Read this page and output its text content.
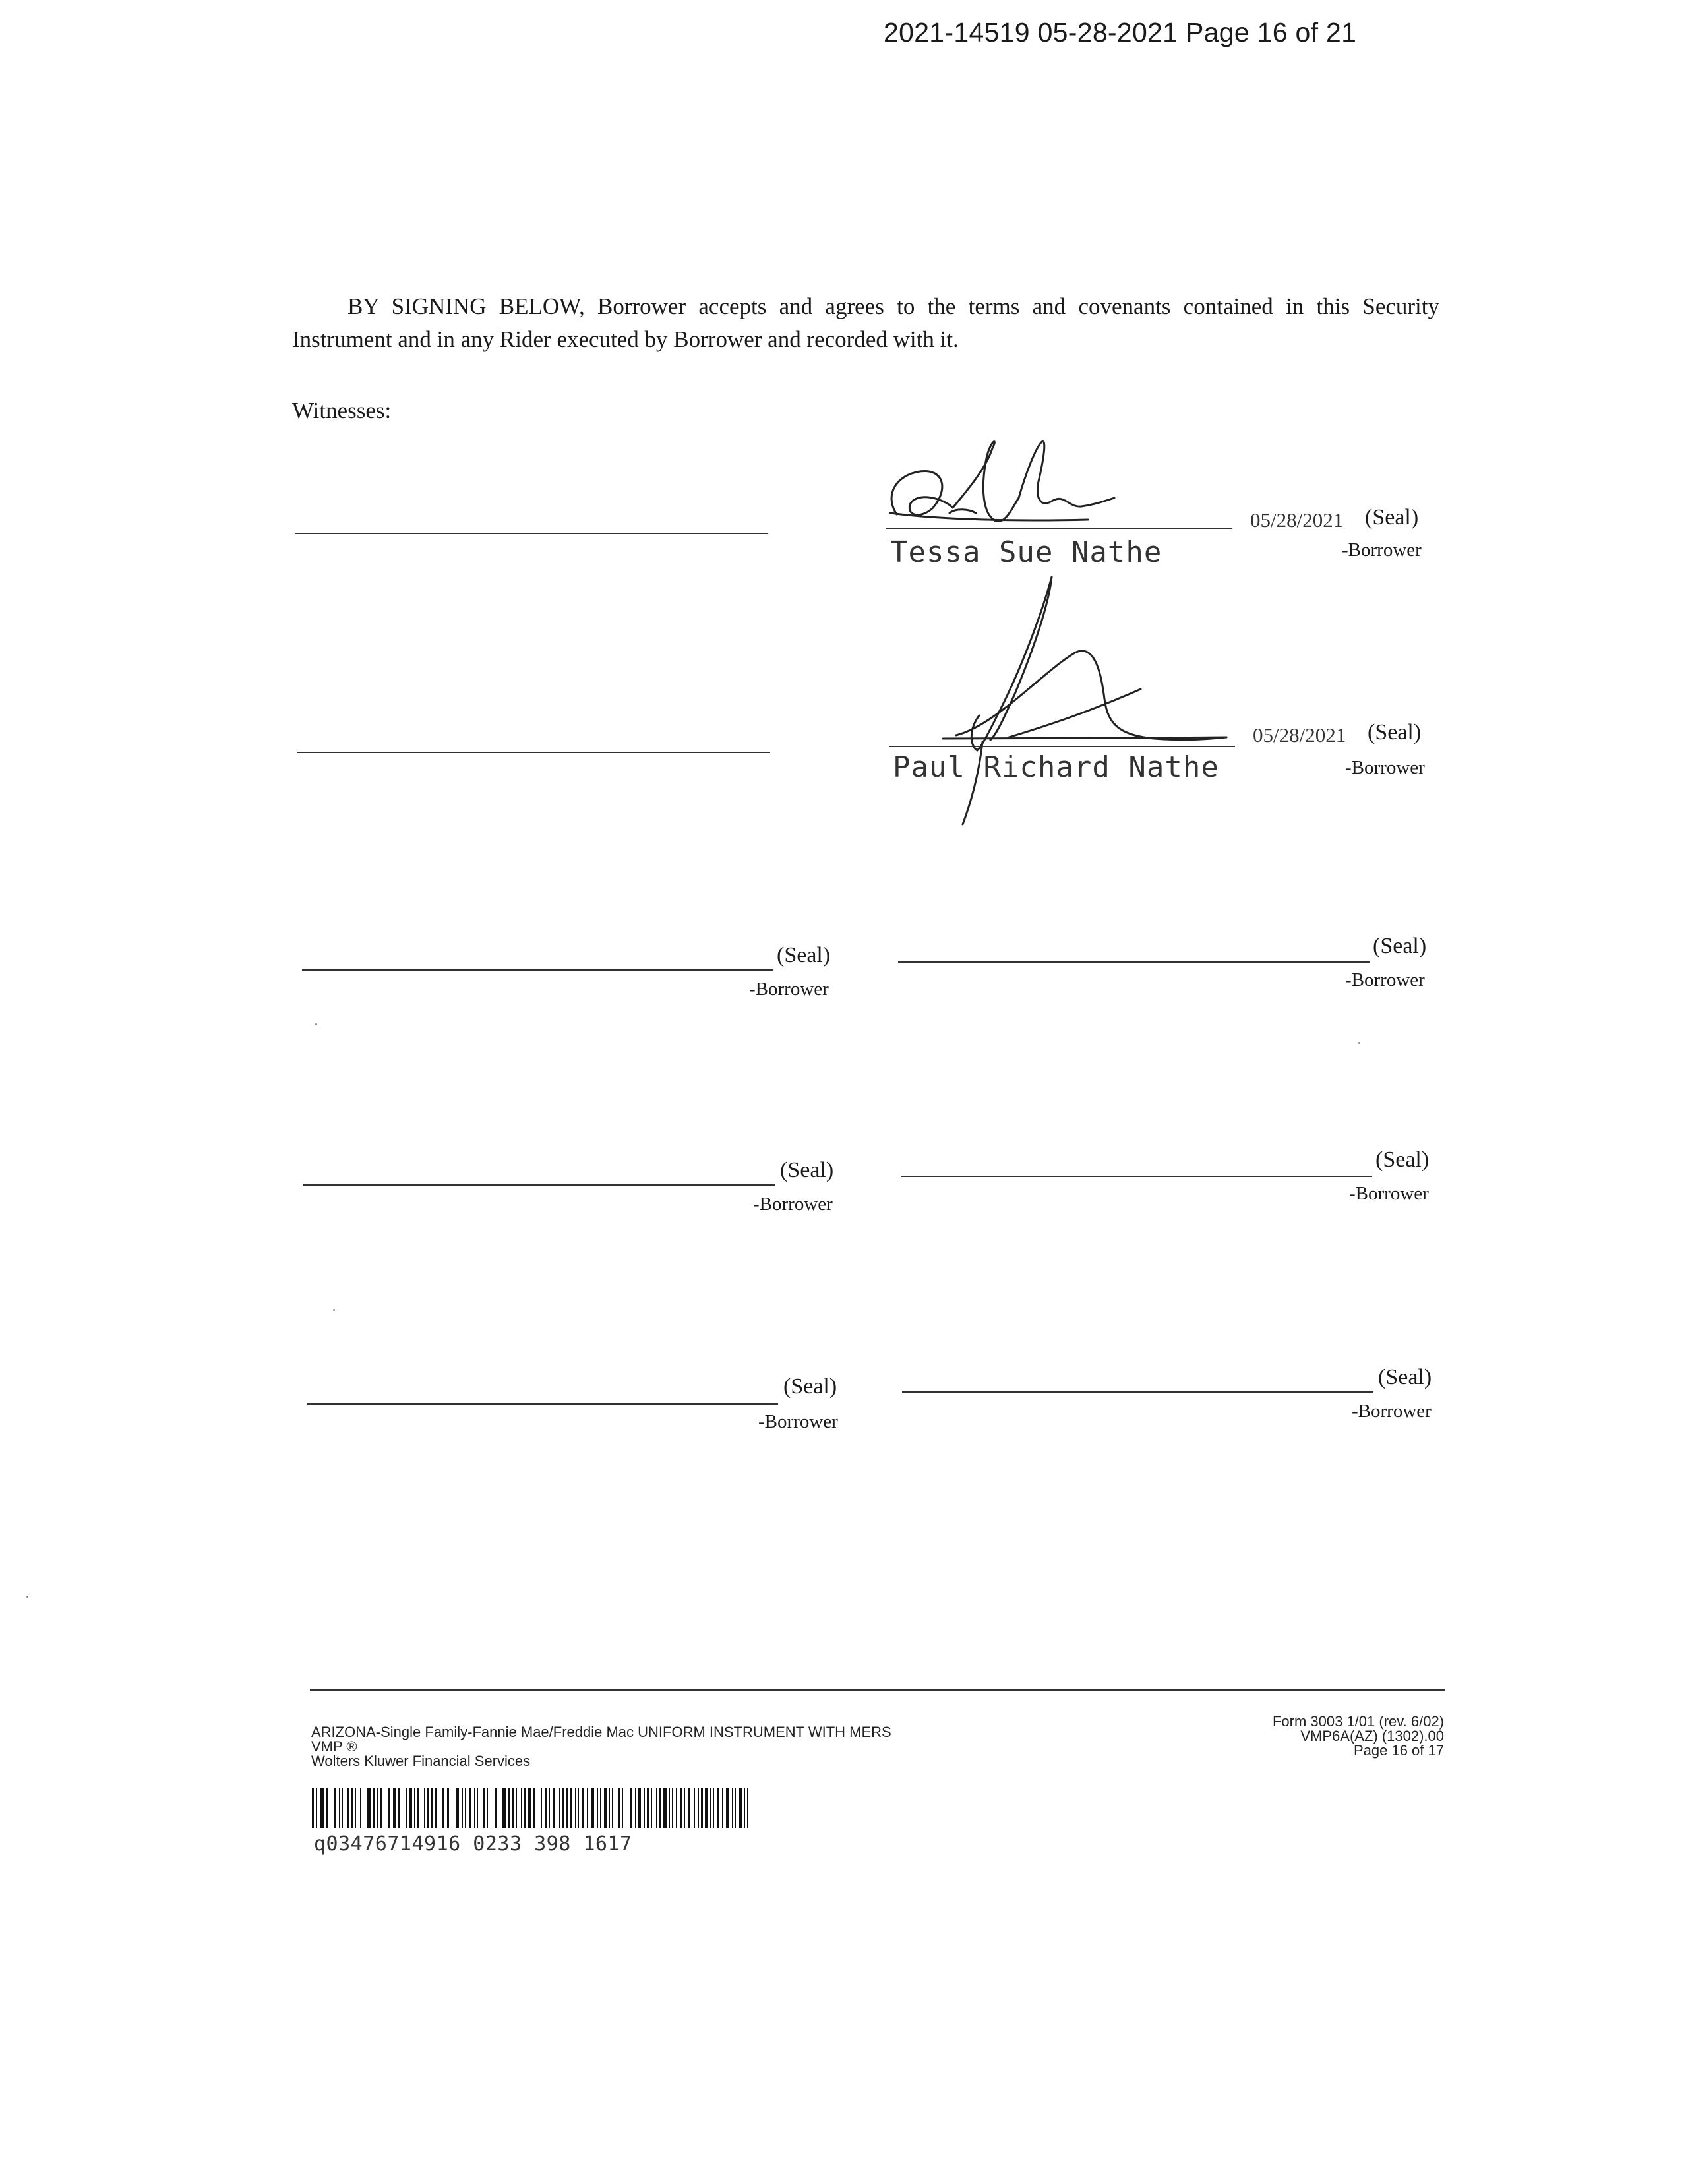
2021-14519 05-28-2021 Page 16 of 21
BY SIGNING BELOW, Borrower accepts and agrees to the terms and covenants contained in this Security Instrument and in any Rider executed by Borrower and recorded with it.
Witnesses:
05/28/2021 (Seal)
-Borrower
Tessa Sue Nathe
05/28/2021 (Seal)
-Borrower
Paul Richard Nathe
(Seal)
-Borrower
(Seal)
-Borrower
(Seal)
-Borrower
(Seal)
-Borrower
(Seal)
-Borrower
(Seal)
-Borrower
ARIZONA-Single Family-Fannie Mae/Freddie Mac UNIFORM INSTRUMENT WITH MERS
VMP ®
Wolters Kluwer Financial Services
Form 3003 1/01 (rev. 6/02)
VMP6A(AZ) (1302).00
Page 16 of 17
q03476714916 0233 398 1617
